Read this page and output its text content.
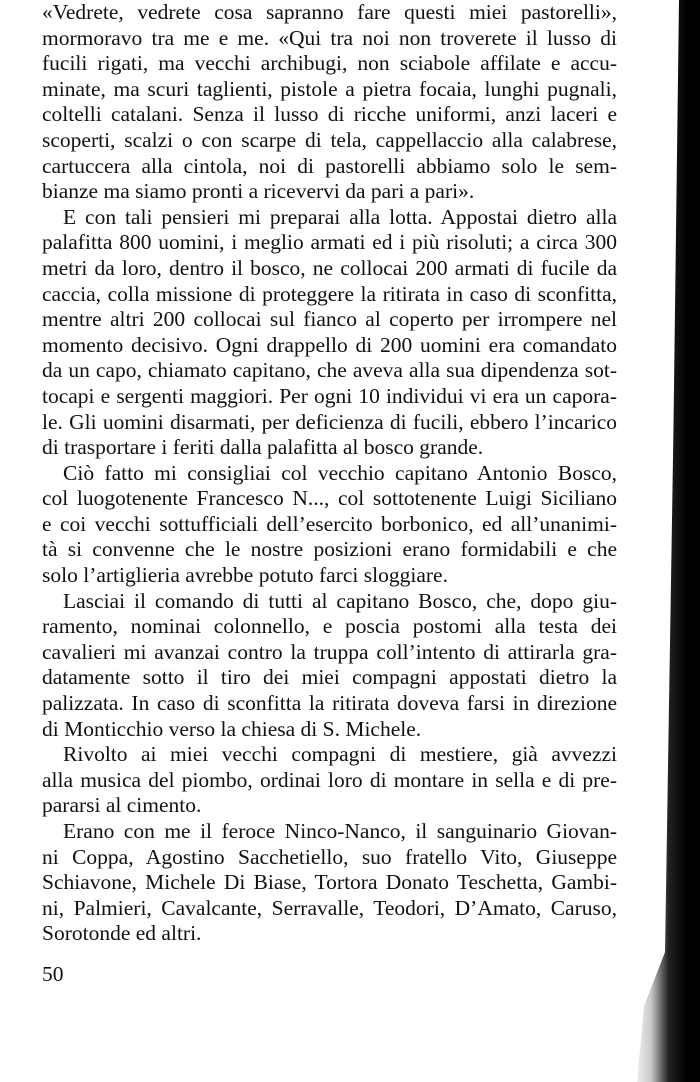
«Vedrete, vedrete cosa sapranno fare questi miei pastorelli»,
mormoravo tra me e me. «Qui tra noi non troverete il lusso di
fucili rigati, ma vecchi archibugi, non sciabole affilate e accu-
minate, ma scuri taglienti, pistole a pietra focaia, lunghi pugnali,
coltelli catalani. Senza il lusso di ricche uniformi, anzi laceri e
scoperti, scalzi o con scarpe di tela, cappellaccio alla calabrese,
cartuccera alla cintola, noi di pastorelli abbiamo solo le sem-
bianze ma siamo pronti a ricevervi da pari a pari».
E con tali pensieri mi preparai alla lotta. Appostai dietro alla
palafitta 800 uomini, i meglio armati ed i più risoluti; a circa 300
metri da loro, dentro il bosco, ne collocai 200 armati di fucile da
caccia, colla missione di proteggere la ritirata in caso di sconfitta,
mentre altri 200 collocai sul fianco al coperto per irrompere nel
momento decisivo. Ogni drappello di 200 uomini era comandato
da un capo, chiamato capitano, che aveva alla sua dipendenza sot-
tocapi e sergenti maggiori. Per ogni 10 individui vi era un capora-
le. Gli uomini disarmati, per deficienza di fucili, ebbero l’incarico
di trasportare i feriti dalla palafitta al bosco grande.
Ciò fatto mi consigliai col vecchio capitano Antonio Bosco,
col luogotenente Francesco N..., col sottotenente Luigi Siciliano
e coi vecchi sottufficiali dell’esercito borbonico, ed all’unanimi-
tà si convenne che le nostre posizioni erano formidabili e che
solo l’artiglieria avrebbe potuto farci sloggiare.
Lasciai il comando di tutti al capitano Bosco, che, dopo giu-
ramento, nominai colonnello, e poscia postomi alla testa dei
cavalieri mi avanzai contro la truppa coll’intento di attirarla gra-
datamente sotto il tiro dei miei compagni appostati dietro la
palizzata. In caso di sconfitta la ritirata doveva farsi in direzione
di Monticchio verso la chiesa di S. Michele.
Rivolto ai miei vecchi compagni di mestiere, già avvezzi
alla musica del piombo, ordinai loro di montare in sella e di pre-
pararsi al cimento.
Erano con me il feroce Ninco-Nanco, il sanguinario Giovan-
ni Coppa, Agostino Sacchetiello, suo fratello Vito, Giuseppe
Schiavone, Michele Di Biase, Tortora Donato Teschetta, Gambi-
ni, Palmieri, Cavalcante, Serravalle, Teodori, D’Amato, Caruso,
Sorotonde ed altri.
50
